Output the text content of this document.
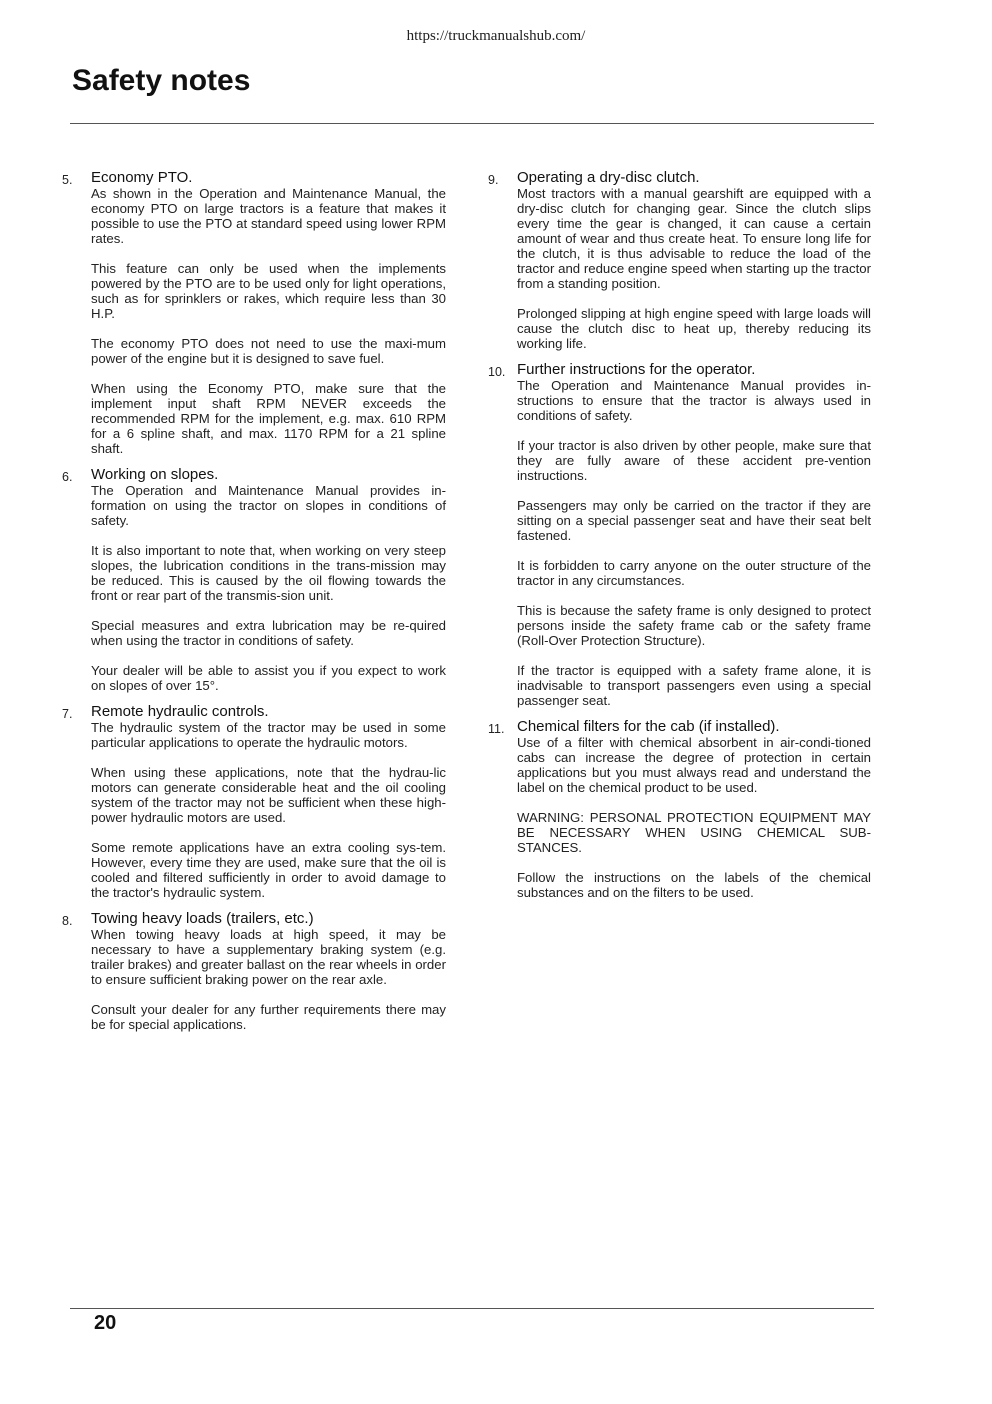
https://truckmanualshub.com/
Safety notes
5.	Economy PTO.

As shown in the Operation and Maintenance Manual, the economy PTO on large tractors is a feature that makes it possible to use the PTO at standard speed using lower RPM rates.

This feature can only be used when the implements powered by the PTO are to be used only for light operations, such as for sprinklers or rakes, which require less than 30 H.P.

The economy PTO does not need to use the maxi-mum power of the engine but it is designed to save fuel.

When using the Economy PTO, make sure that the implement input shaft RPM NEVER exceeds the recommended RPM for the implement, e.g. max. 610 RPM for a 6 spline shaft, and max. 1170 RPM for a 21 spline shaft.

6.	Working on slopes.

The Operation and Maintenance Manual provides in-formation on using the tractor on slopes in conditions of safety.

It is also important to note that, when working on very steep slopes, the lubrication conditions in the trans-mission may be reduced. This is caused by the oil flowing towards the front or rear part of the transmis-sion unit.

Special measures and extra lubrication may be re-quired when using the tractor in conditions of safety.

Your dealer will be able to assist you if you expect to work on slopes of over 15°.

7.	Remote hydraulic controls.

The hydraulic system of the tractor may be used in some particular applications to operate the hydraulic motors.

When using these applications, note that the hydrau-lic motors can generate considerable heat and the oil cooling system of the tractor may not be sufficient when these high-power hydraulic motors are used.

Some remote applications have an extra cooling sys-tem. However, every time they are used, make sure that the oil is cooled and filtered sufficiently in order to avoid damage to the tractor's hydraulic system.

8.	Towing heavy loads (trailers, etc.)

When towing heavy loads at high speed, it may be necessary to have a supplementary braking system (e.g. trailer brakes) and greater ballast on the rear wheels in order to ensure sufficient braking power on the rear axle.

Consult your dealer for any further requirements there may be for special applications.

9.	Operating a dry-disc clutch.

Most tractors with a manual gearshift are equipped with a dry-disc clutch for changing gear. Since the clutch slips every time the gear is changed, it can cause a certain amount of wear and thus create heat. To ensure long life for the clutch, it is thus advisable to reduce the load of the tractor and reduce engine speed when starting up the tractor from a standing position.

Prolonged slipping at high engine speed with large loads will cause the clutch disc to heat up, thereby reducing its working life.

10. Further instructions for the operator.

The Operation and Maintenance Manual provides in-structions to ensure that the tractor is always used in conditions of safety.

If your tractor is also driven by other people, make sure that they are fully aware of these accident pre-vention instructions.

Passengers may only be carried on the tractor if they are sitting on a special passenger seat and have their seat belt fastened.

It is forbidden to carry anyone on the outer structure of the tractor in any circumstances.

This is because the safety frame is only designed to protect persons inside the safety frame cab or the safety frame (Roll-Over Protection Structure).

If the tractor is equipped with a safety frame alone, it is inadvisable to transport passengers even using a special passenger seat.

11. Chemical filters for the cab (if installed).

Use of a filter with chemical absorbent in air-condi-tioned cabs can increase the degree of protection in certain applications but you must always read and understand the label on the chemical product to be used.

WARNING: PERSONAL PROTECTION EQUIPMENT MAY BE NECESSARY WHEN USING CHEMICAL SUB-STANCES.

Follow the instructions on the labels of the chemical substances and on the filters to be used.

20
